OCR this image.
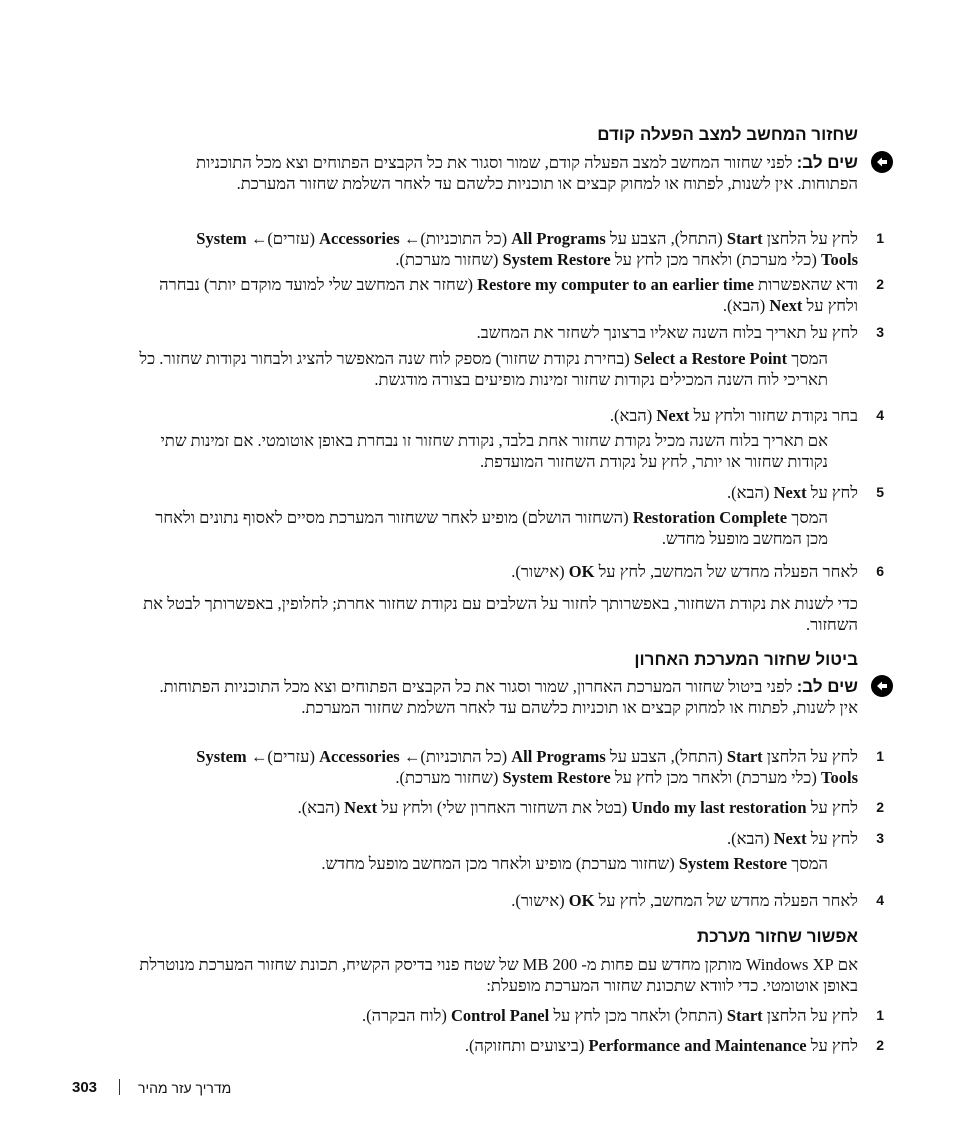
שחזור המחשב למצב הפעלה קודם
שים לב: לפני שחזור המחשב למצב הפעלה קודם, שמור וסגור את כל הקבצים הפתוחים וצא מכל התוכניות הפתוחות. אין לשנות, לפתוח או למחוק קבצים או תוכניות כלשהם עד לאחר השלמת שחזור המערכת.
1
לחץ על הלחצן Start (התחל), הצבע על All Programs (כל התוכניות)← Accessories (עזרים)← System Tools (כלי מערכת) ולאחר מכן לחץ על System Restore (שחזור מערכת).
2
ודא שהאפשרות Restore my computer to an earlier time (שחזר את המחשב שלי למועד מוקדם יותר) נבחרה ולחץ על Next (הבא).
3
לחץ על תאריך בלוח השנה שאליו ברצונך לשחזר את המחשב.
המסך Select a Restore Point (בחירת נקודת שחזור) מספק לוח שנה המאפשר להציג ולבחור נקודות שחזור. כל תאריכי לוח השנה המכילים נקודות שחזור זמינות מופיעים בצורה מודגשת.
4
בחר נקודת שחזור ולחץ על Next (הבא).
אם תאריך בלוח השנה מכיל נקודת שחזור אחת בלבד, נקודת שחזור זו נבחרת באופן אוטומטי. אם זמינות שתי נקודות שחזור או יותר, לחץ על נקודת השחזור המועדפת.
5
לחץ על Next (הבא).
המסך Restoration Complete (השחזור הושלם) מופיע לאחר ששחזור המערכת מסיים לאסוף נתונים ולאחר מכן המחשב מופעל מחדש.
6
לאחר הפעלה מחדש של המחשב, לחץ על OK (אישור).
כדי לשנות את נקודת השחזור, באפשרותך לחזור על השלבים עם נקודת שחזור אחרת; לחלופין, באפשרותך לבטל את השחזור.
ביטול שחזור המערכת האחרון
שים לב: לפני ביטול שחזור המערכת האחרון, שמור וסגור את כל הקבצים הפתוחים וצא מכל התוכניות הפתוחות. אין לשנות, לפתוח או למחוק קבצים או תוכניות כלשהם עד לאחר השלמת שחזור המערכת.
1
לחץ על הלחצן Start (התחל), הצבע על All Programs (כל התוכניות)← Accessories (עזרים)← System Tools (כלי מערכת) ולאחר מכן לחץ על System Restore (שחזור מערכת).
2
לחץ על Undo my last restoration (בטל את השחזור האחרון שלי) ולחץ על Next (הבא).
3
לחץ על Next (הבא).
המסך System Restore (שחזור מערכת) מופיע ולאחר מכן המחשב מופעל מחדש.
4
לאחר הפעלה מחדש של המחשב, לחץ על OK (אישור).
אפשור שחזור מערכת
אם Windows XP מותקן מחדש עם פחות מ- 200 MB של שטח פנוי בדיסק הקשיח, תכונת שחזור המערכת מנוטרלת באופן אוטומטי. כדי לוודא שתכונת שחזור המערכת מופעלת:
1
לחץ על הלחצן Start (התחל) ולאחר מכן לחץ על Control Panel (לוח הבקרה).
2
לחץ על Performance and Maintenance (ביצועים ותחזוקה).
303	מדריך עזר מהיר
